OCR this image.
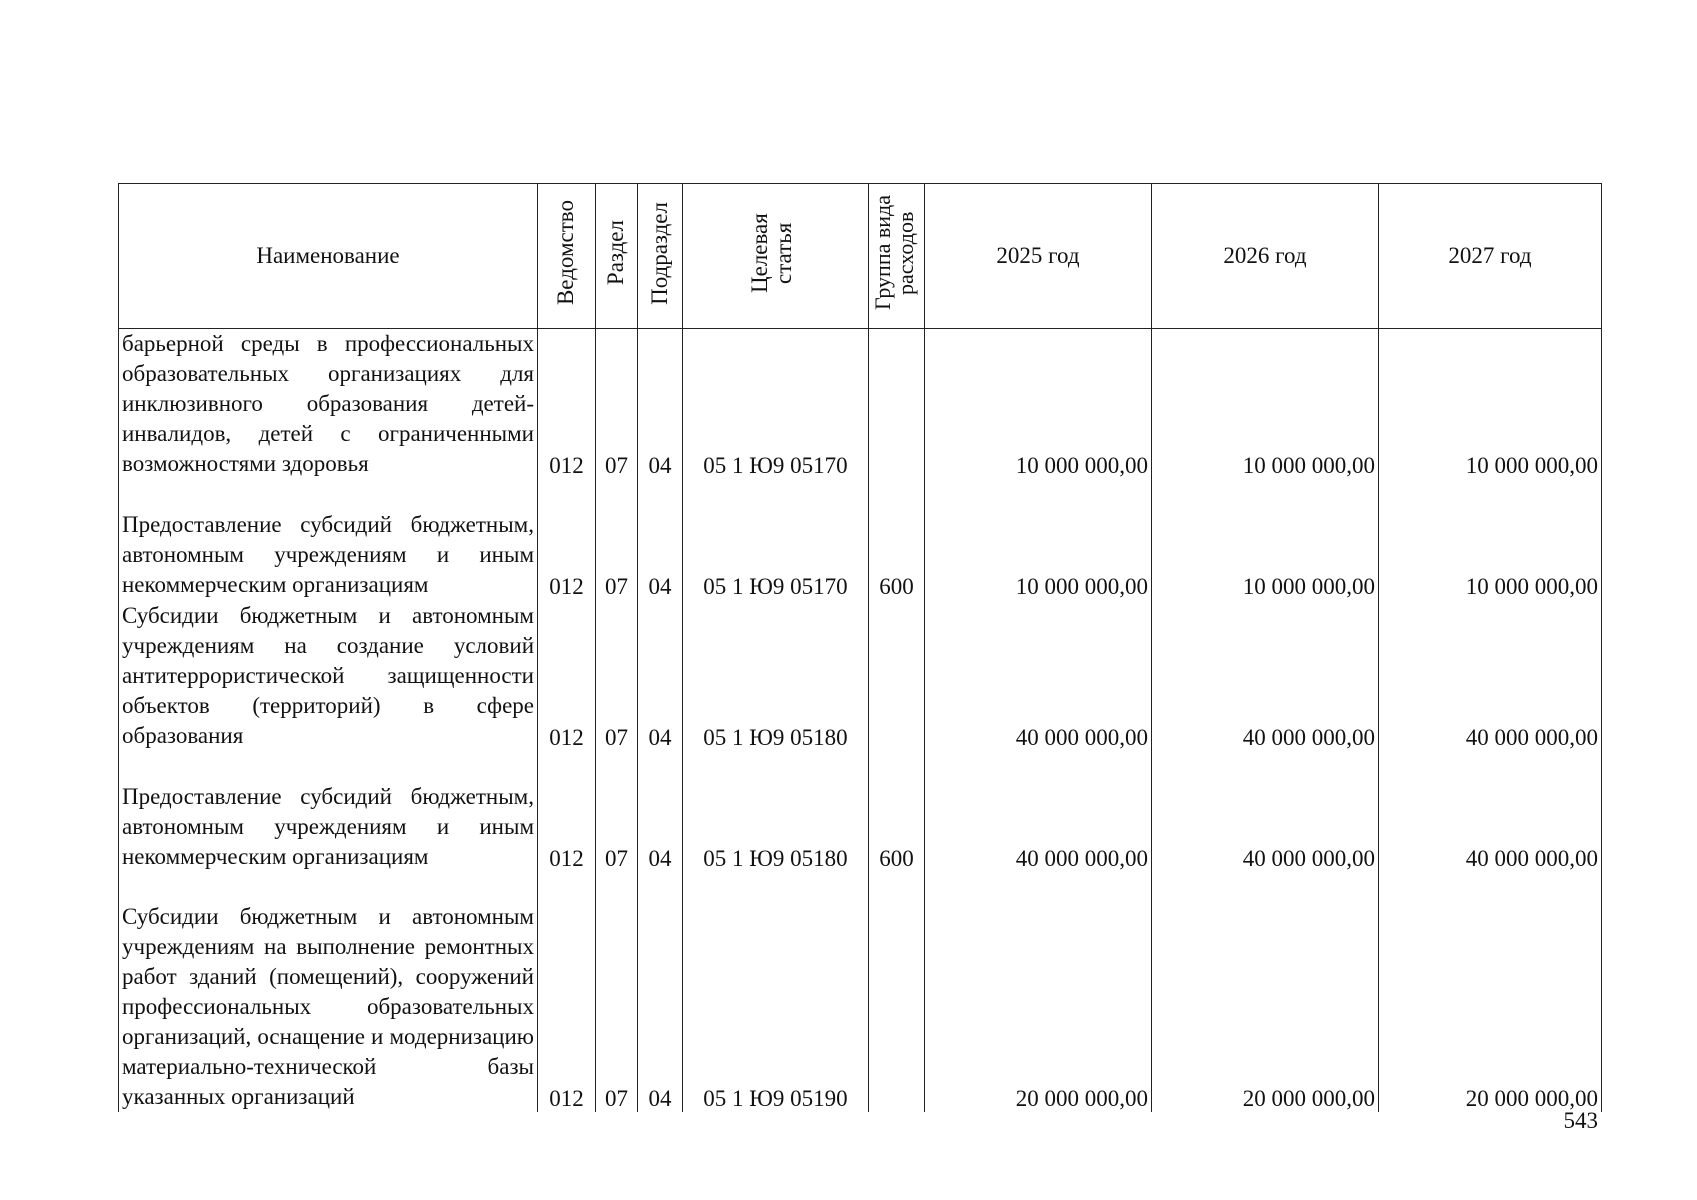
Наименование	Ведомство	Раздел	Подраздел	Целевая статья	Группа вида расходов	2025 год	2026 год	2027 год
барьерной среды в профессиональных образовательных организациях для инклюзивного образования детей-инвалидов, детей с ограниченными возможностями здоровья	012	07	04	05 1 Ю9 05170		10 000 000,00	10 000 000,00	10 000 000,00
Предоставление субсидий бюджетным, автономным учреждениям и иным некоммерческим организациям	012	07	04	05 1 Ю9 05170	600	10 000 000,00	10 000 000,00	10 000 000,00
Субсидии бюджетным и автономным учреждениям на создание условий антитеррористической защищенности объектов (территорий) в сфере образования	012	07	04	05 1 Ю9 05180		40 000 000,00	40 000 000,00	40 000 000,00
Предоставление субсидий бюджетным, автономным учреждениям и иным некоммерческим организациям	012	07	04	05 1 Ю9 05180	600	40 000 000,00	40 000 000,00	40 000 000,00
Субсидии бюджетным и автономным учреждениям на выполнение ремонтных работ зданий (помещений), сооружений профессиональных образовательных организаций, оснащение и модернизацию материально-технической базы указанных организаций	012	07	04	05 1 Ю9 05190		20 000 000,00	20 000 000,00	20 000 000,00
543
